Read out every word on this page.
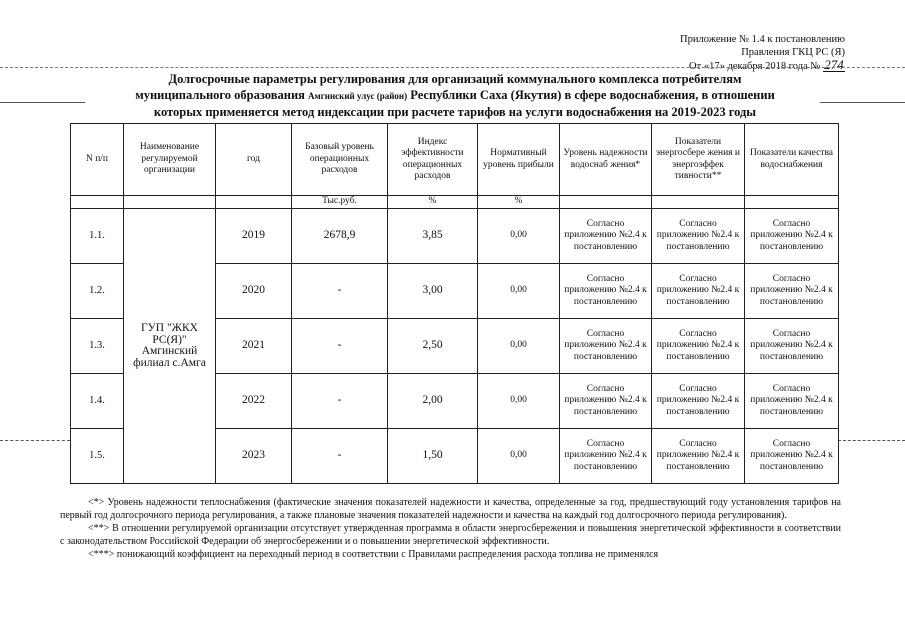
Приложение № 1.4 к постановлению
Правления ГКЦ РС (Я)
От «17» декабря 2018 года № 274
Долгосрочные параметры регулирования для организаций коммунального комплекса потребителям
муниципального образования Амгинский улус (район) Республики Саха (Якутия) в сфере водоснабжения, в отношении
которых применяется метод индексации при расчете тарифов на услуги водоснабжения на 2019-2023 годы
N п/п	Наименование регулируемой организации	год	Базовый уровень операционных расходов	Индекс эффективности операционных расходов	Нормативный уровень прибыли	Уровень надежности водоснаб жения*	Показатели энергосбере жения и энергоэффек тивности**	Показатели качества водоснабжения
			Тыс.руб.	%	%			
1.1.	ГУП "ЖКХ РС(Я)" Амгинский филиал с.Амга	2019	2678,9	3,85	0,00	Согласно приложению №2.4 к постановлению	Согласно приложению №2.4 к постановлению	Согласно приложению №2.4 к постановлению
1.2.		2020	-	3,00	0,00	Согласно приложению №2.4 к постановлению	Согласно приложению №2.4 к постановлению	Согласно приложению №2.4 к постановлению
1.3.		2021	-	2,50	0,00	Согласно приложению №2.4 к постановлению	Согласно приложению №2.4 к постановлению	Согласно приложению №2.4 к постановлению
1.4.		2022	-	2,00	0,00	Согласно приложению №2.4 к постановлению	Согласно приложению №2.4 к постановлению	Согласно приложению №2.4 к постановлению
1.5.		2023	-	1,50	0,00	Согласно приложению №2.4 к постановлению	Согласно приложению №2.4 к постановлению	Согласно приложению №2.4 к постановлению

<*> Уровень надежности теплоснабжения (фактические значения показателей надежности и качества, определенные за год, предшествующий году установления тарифов на первый год долгосрочного периода регулирования, а также плановые значения показателей надежности и качества на каждый год долгосрочного периода регулирования).

<**> В отношении регулируемой организации отсутствует утвержденная программа в области энергосбережения и повышения энергетической эффективности в соответствии с законодательством Российской Федерации об энергосбережении и о повышении энергетической эффективности.

<***> понижающий коэффициент на переходный период в соответствии с Правилами распределения расхода топлива не применялся
